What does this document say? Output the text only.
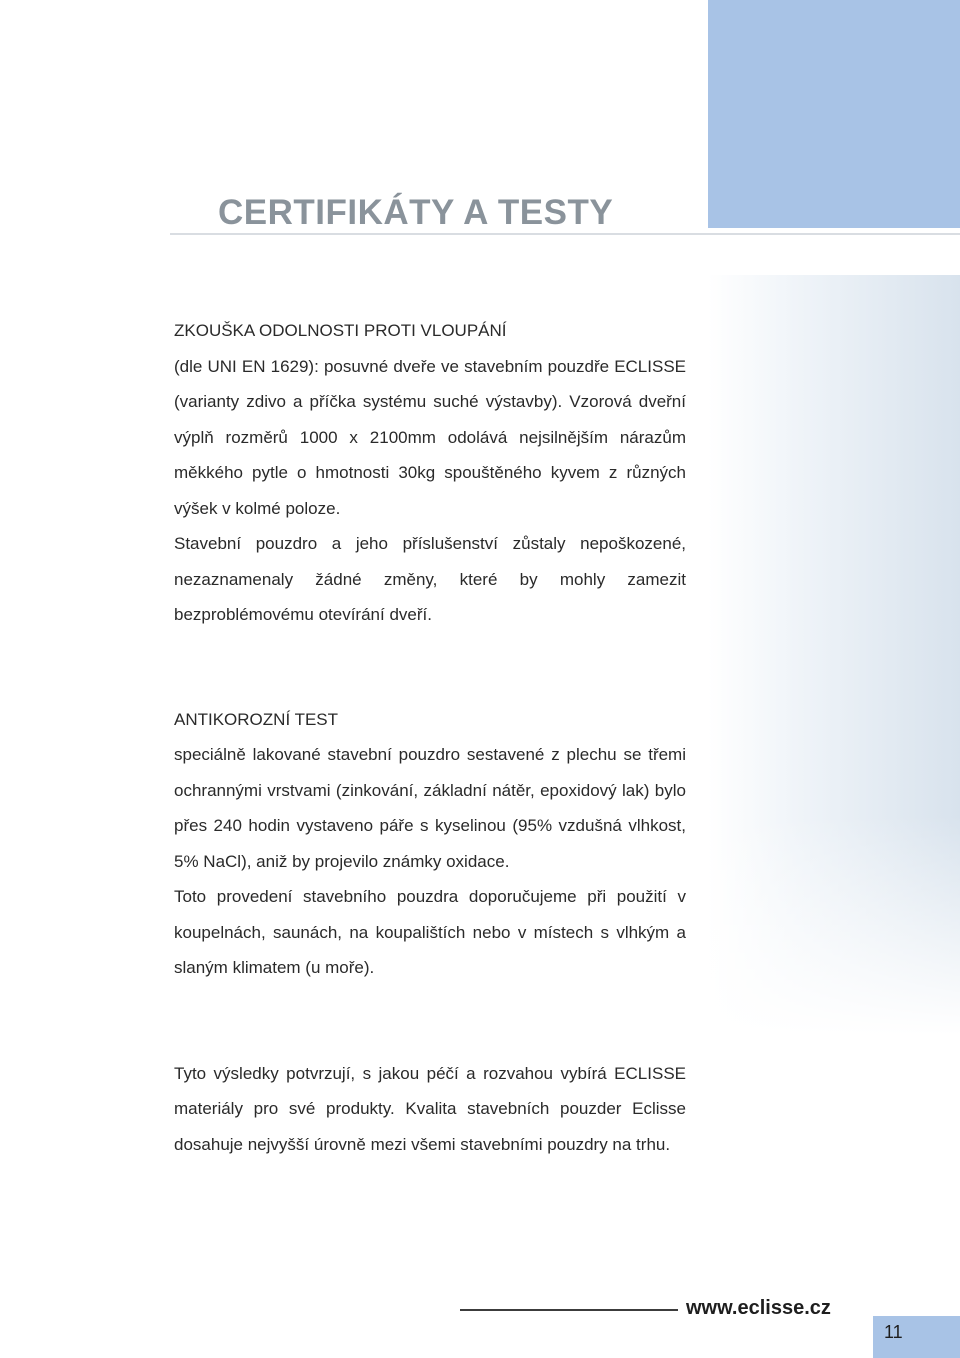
CERTIFIKÁTY A TESTY
ZKOUŠKA ODOLNOSTI PROTI VLOUPÁNÍ

(dle UNI EN 1629): posuvné dveře ve stavebním pouzdře ECLISSE (varianty zdivo a příčka systému suché výstavby). Vzorová dveřní výplň rozměrů 1000 x 2100mm odolává nejsilnějším nárazům měkkého pytle o hmotnosti 30kg spouštěného kyvem z různých výšek v kolmé poloze.

Stavební pouzdro a jeho příslušenství zůstaly nepoškozené, nezaznamenaly žádné změny, které by mohly zamezit bezproblémovému otevírání dveří.

ANTIKOROZNÍ TEST

speciálně lakované stavební pouzdro sestavené z plechu se třemi ochrannými vrstvami (zinkování, základní nátěr, epoxidový lak) bylo přes 240 hodin vystaveno páře s kyselinou (95% vzdušná vlhkost, 5% NaCl), aniž by projevilo známky oxidace.

Toto provedení stavebního pouzdra doporučujeme při použití v koupelnách, saunách, na koupalištích nebo v místech s vlhkým a slaným klimatem (u moře).

Tyto výsledky potvrzují, s jakou péčí a rozvahou vybírá ECLISSE materiály pro své produkty. Kvalita stavebních pouzder Eclisse dosahuje nejvyšší úrovně mezi všemi stavebními pouzdry na trhu.

www.eclisse.cz
11
